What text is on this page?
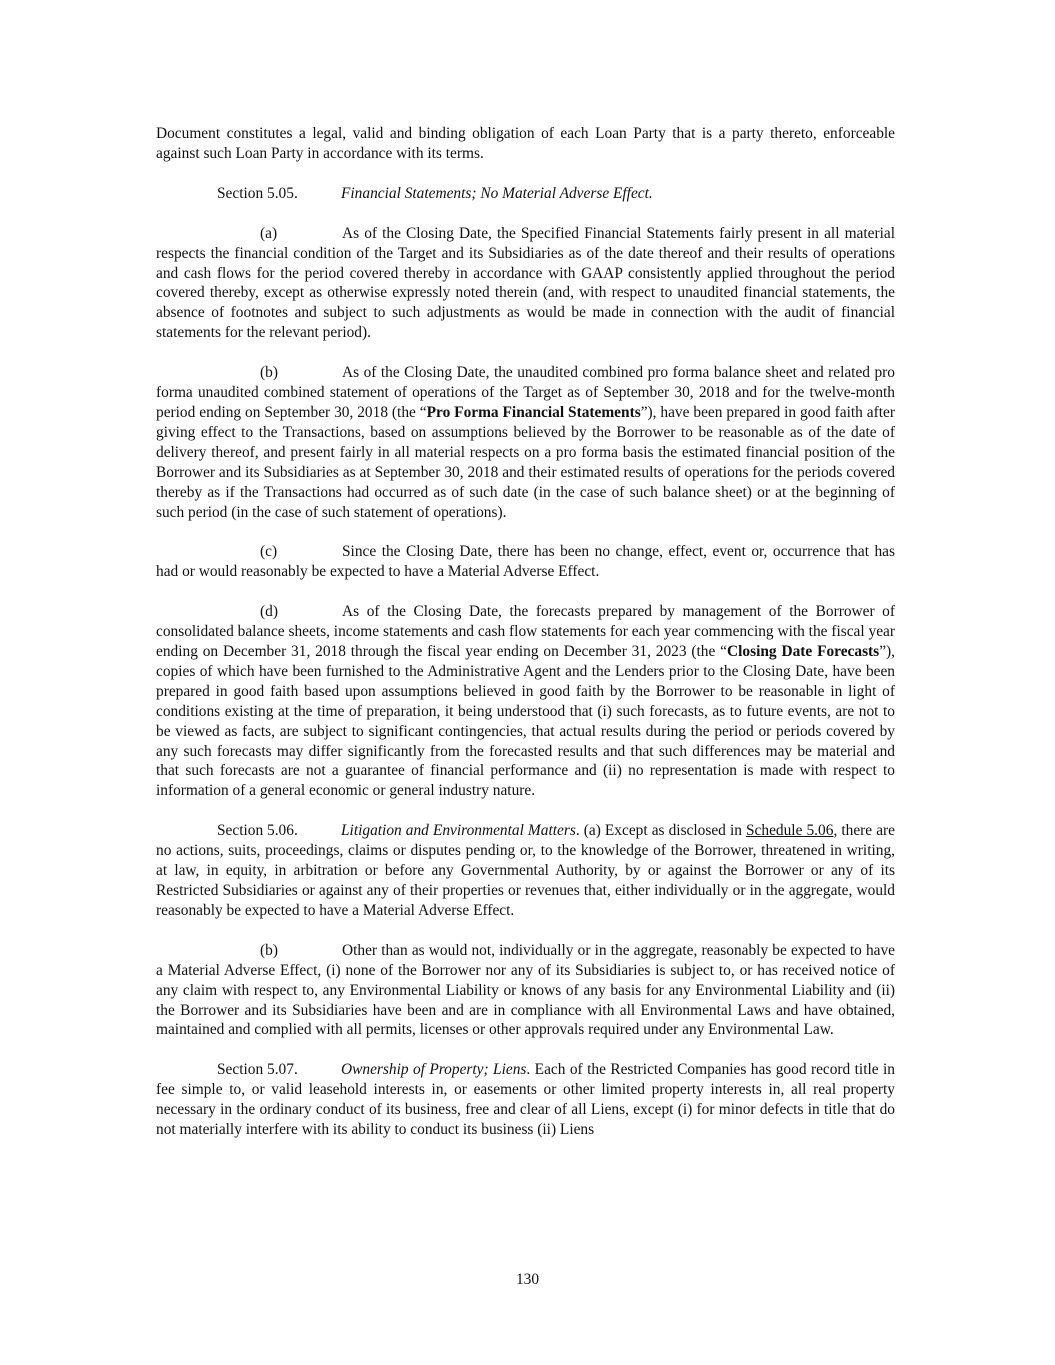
Document constitutes a legal, valid and binding obligation of each Loan Party that is a party thereto, enforceable against such Loan Party in accordance with its terms.

Section 5.05.	Financial Statements; No Material Adverse Effect.

(a)	As of the Closing Date, the Specified Financial Statements fairly present in all material respects the financial condition of the Target and its Subsidiaries as of the date thereof and their results of operations and cash flows for the period covered thereby in accordance with GAAP consistently applied throughout the period covered thereby, except as otherwise expressly noted therein (and, with respect to unaudited financial statements, the absence of footnotes and subject to such adjustments as would be made in connection with the audit of financial statements for the relevant period).

(b)	As of the Closing Date, the unaudited combined pro forma balance sheet and related pro forma unaudited combined statement of operations of the Target as of September 30, 2018 and for the twelve-month period ending on September 30, 2018 (the “Pro Forma Financial Statements”), have been prepared in good faith after giving effect to the Transactions, based on assumptions believed by the Borrower to be reasonable as of the date of delivery thereof, and present fairly in all material respects on a pro forma basis the estimated financial position of the Borrower and its Subsidiaries as at September 30, 2018 and their estimated results of operations for the periods covered thereby as if the Transactions had occurred as of such date (in the case of such balance sheet) or at the beginning of such period (in the case of such statement of operations).

(c)	Since the Closing Date, there has been no change, effect, event or, occurrence that has had or would reasonably be expected to have a Material Adverse Effect.

(d)	As of the Closing Date, the forecasts prepared by management of the Borrower of consolidated balance sheets, income statements and cash flow statements for each year commencing with the fiscal year ending on December 31, 2018 through the fiscal year ending on December 31, 2023 (the “Closing Date Forecasts”), copies of which have been furnished to the Administrative Agent and the Lenders prior to the Closing Date, have been prepared in good faith based upon assumptions believed in good faith by the Borrower to be reasonable in light of conditions existing at the time of preparation, it being understood that (i) such forecasts, as to future events, are not to be viewed as facts, are subject to significant contingencies, that actual results during the period or periods covered by any such forecasts may differ significantly from the forecasted results and that such differences may be material and that such forecasts are not a guarantee of financial performance and (ii) no representation is made with respect to information of a general economic or general industry nature.

Section 5.06.	Litigation and Environmental Matters. (a) Except as disclosed in Schedule 5.06, there are no actions, suits, proceedings, claims or disputes pending or, to the knowledge of the Borrower, threatened in writing, at law, in equity, in arbitration or before any Governmental Authority, by or against the Borrower or any of its Restricted Subsidiaries or against any of their properties or revenues that, either individually or in the aggregate, would reasonably be expected to have a Material Adverse Effect.

(b)	Other than as would not, individually or in the aggregate, reasonably be expected to have a Material Adverse Effect, (i) none of the Borrower nor any of its Subsidiaries is subject to, or has received notice of any claim with respect to, any Environmental Liability or knows of any basis for any Environmental Liability and (ii) the Borrower and its Subsidiaries have been and are in compliance with all Environmental Laws and have obtained, maintained and complied with all permits, licenses or other approvals required under any Environmental Law.

Section 5.07.	Ownership of Property; Liens. Each of the Restricted Companies has good record title in fee simple to, or valid leasehold interests in, or easements or other limited property interests in, all real property necessary in the ordinary conduct of its business, free and clear of all Liens, except (i) for minor defects in title that do not materially interfere with its ability to conduct its business (ii) Liens

130
